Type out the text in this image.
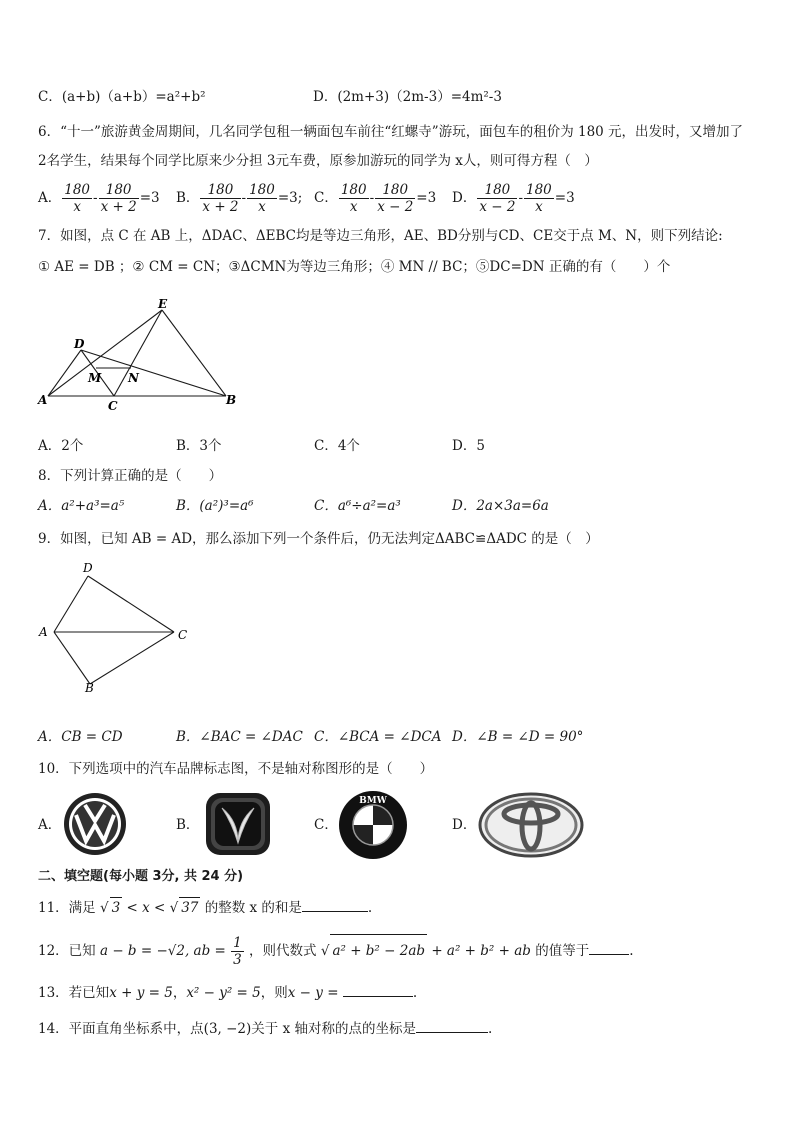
C．(a+b)（a+b）=a²+b²	D．(2m+3)（2m-3）=4m²-3
6．“十一”旅游黄金周期间，几名同学包租一辆面包车前往“红螺寺”游玩，面包车的租价为 180 元，出发时，又增加了
2名学生，结果每个同学比原来少分担 3元车费，原参加游玩的同学为 x人，则可得方程（　）
A． $\frac{180}{x} - \frac{180}{x + 2} =3$ B． $\frac{180}{x + 2} - \frac{180}{x} =3$; C． $\frac{180}{x} - \frac{180}{x - 2} =3$ D． $\frac{180}{x - 2} - \frac{180}{x} =3$
7．如图，点 C 在 AB 上，ΔDAC、ΔEBC均是等边三角形，AE、BD分别与CD、CE交于点 M、N，则下列结论:
① AE = DB ；② CM = CN；③ΔCMN为等边三角形；④ MN // BC；⑤DC=DN 正确的有（　　）个
E
D
M N
A	C	B
A．2个	B．3个	C．4个	D．5
8．下列计算正确的是（　　）
A．a²+a³=a⁵	B．(a²)³=a⁶	C．a⁶÷a²=a³	D．2a×3a=6a
9．如图，已知 AB = AD，那么添加下列一个条件后，仍无法判定ΔABC≌ΔADC 的是（　）
D
A	C
B
A．CB = CD	B．∠BAC = ∠DAC C．∠BCA = ∠DCA D．∠B = ∠D = 90°
10．下列选项中的汽车品牌标志图，不是轴对称图形的是（　　）
A．	B．	C．	D．
BMW
二、填空题(每小题 3分, 共 24 分)
11．满足 √ 3 < x < √ 37 的整数 x 的和是	.
12．已知 a − b = −√2, ab = $\frac{1}{3}$ ，则代数式 √ a² + b² − 2ab + a² + b² + ab 的值等于	.
13．若已知x + y = 5，x² − y² = 5，则x − y =	.
14．平面直角坐标系中，点(3, −2)关于 x 轴对称的点的坐标是	.
